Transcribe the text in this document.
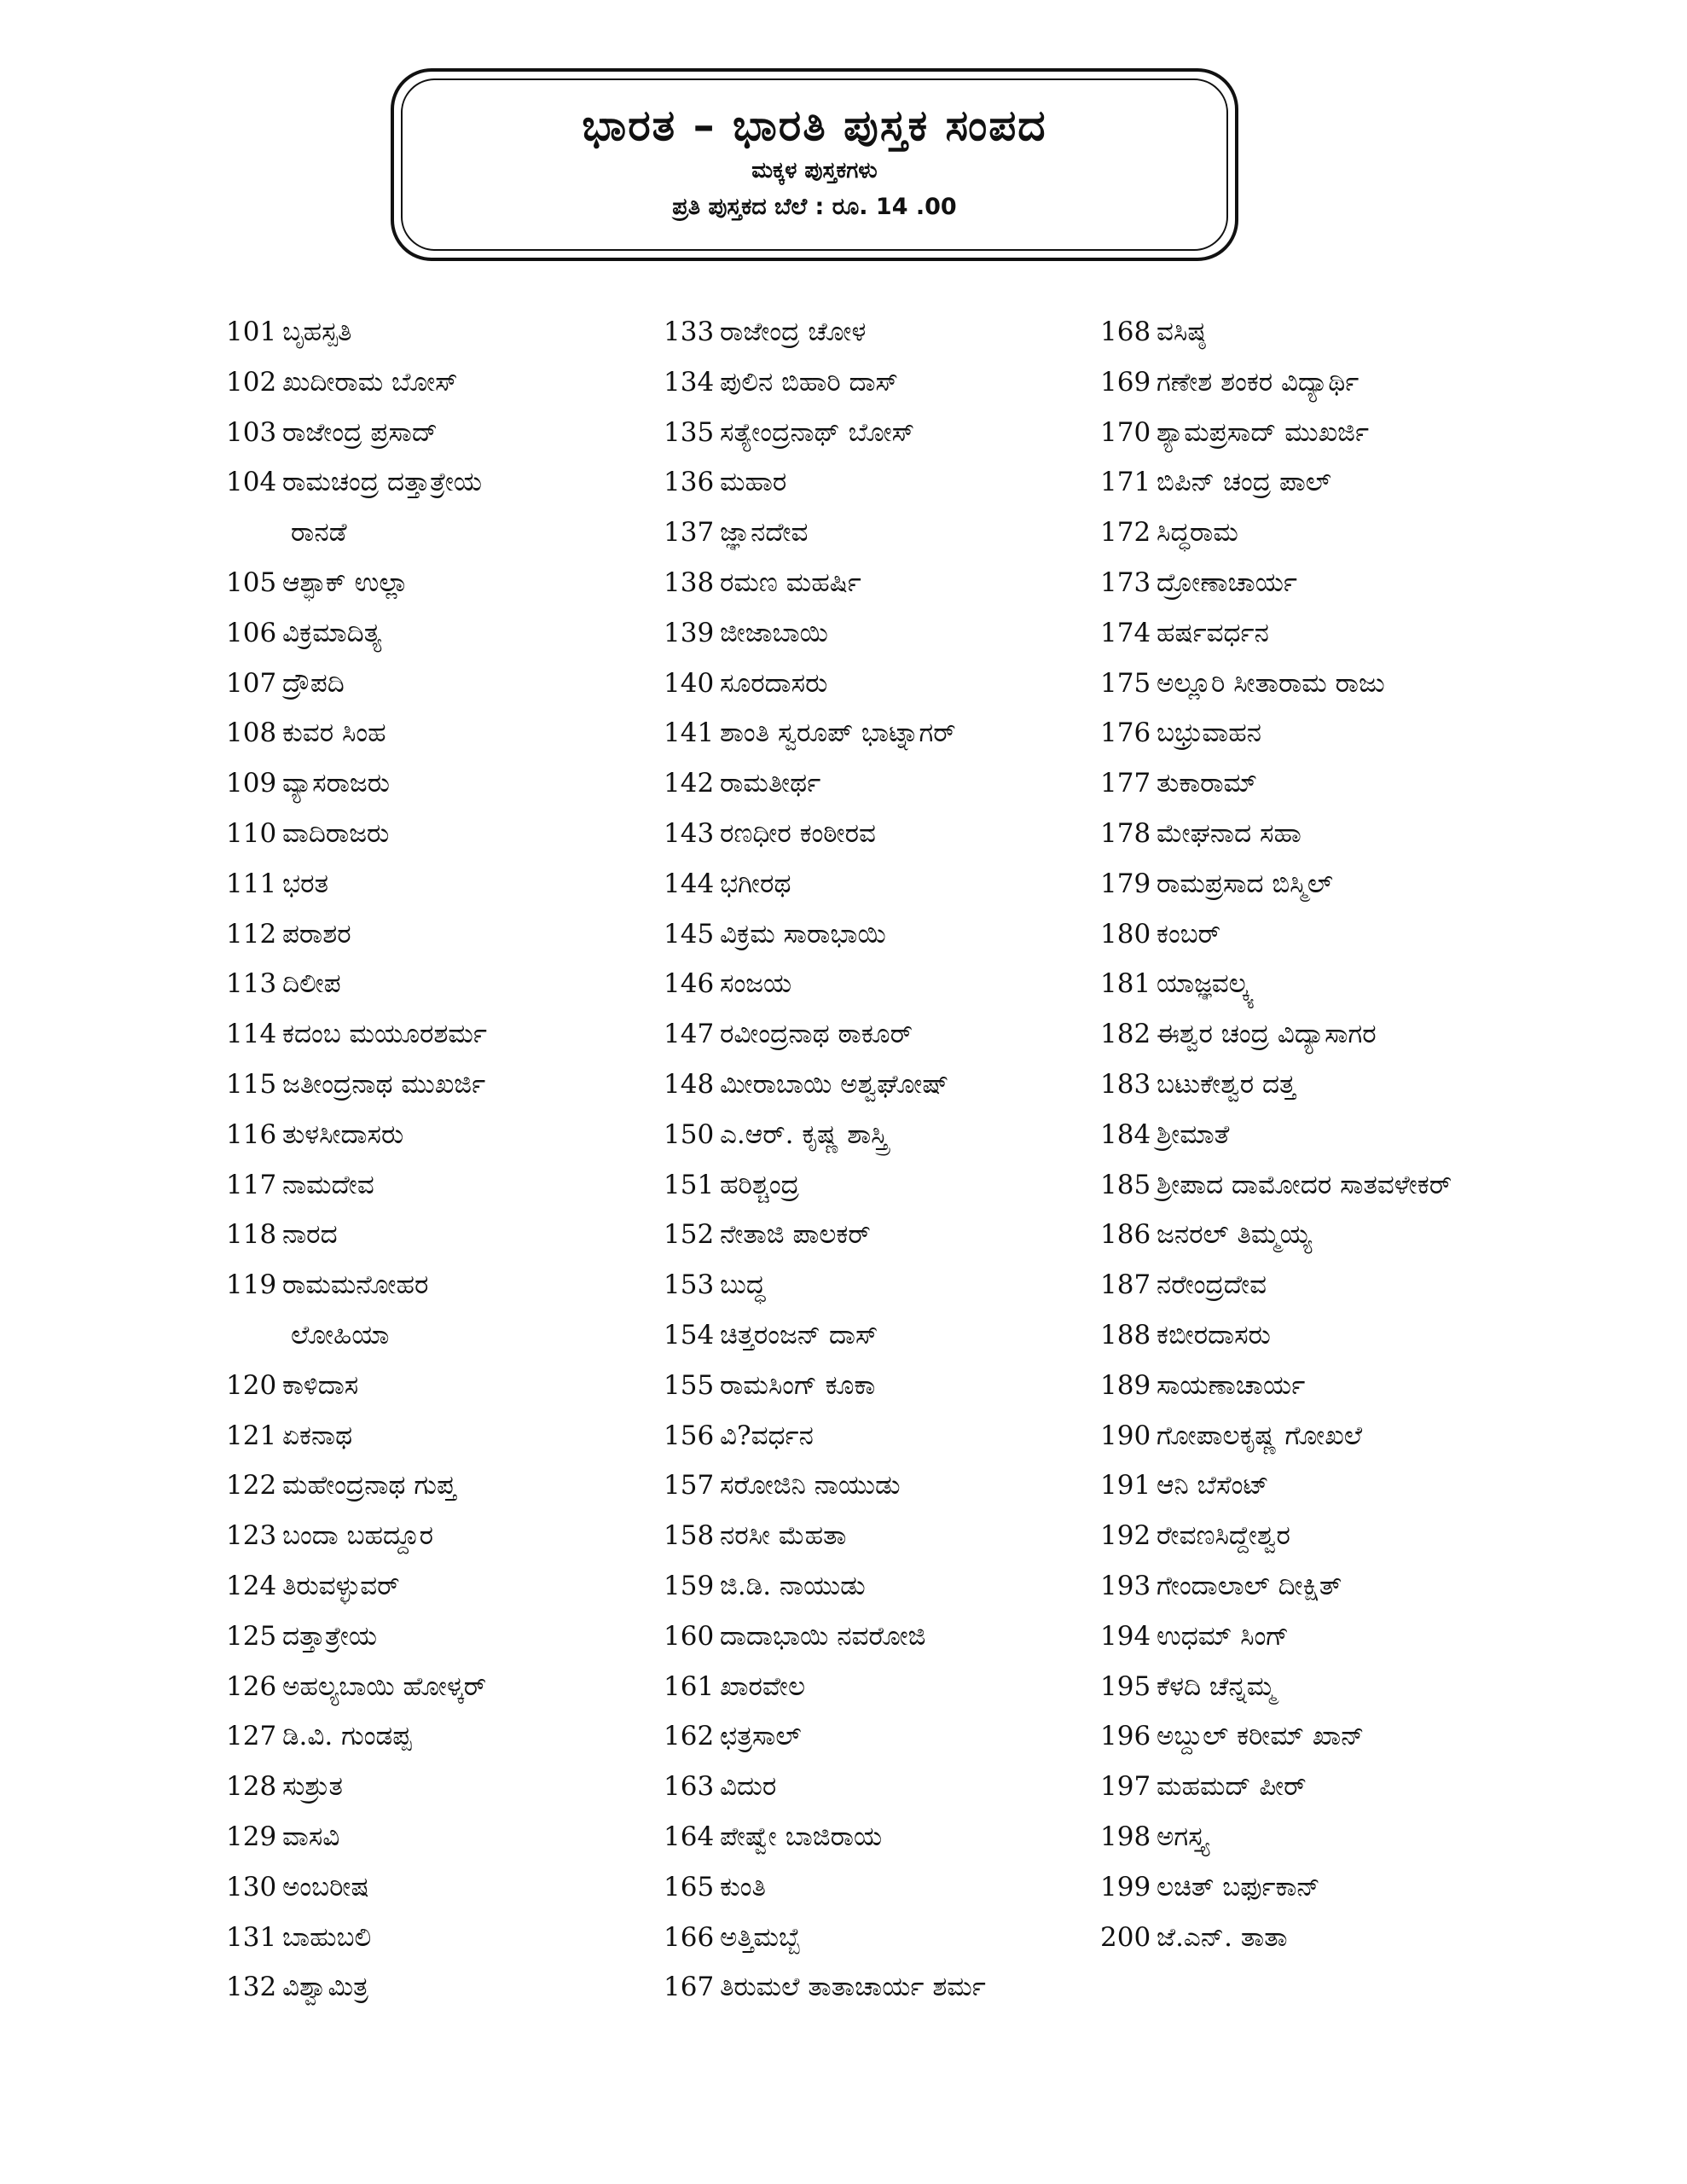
ಭಾರತ – ಭಾರತಿ ಪುಸ್ತಕ ಸಂಪದ
ಮಕ್ಕಳ ಪುಸ್ತಕಗಳು
ಪ್ರತಿ ಪುಸ್ತಕದ ಬೆಲೆ : ರೂ. 14 .00
101 ಬೃಹಸ್ಪತಿ
102 ಖುದೀರಾಮ ಬೋಸ್
103 ರಾಜೇಂದ್ರ ಪ್ರಸಾದ್
104 ರಾಮಚಂದ್ರ ದತ್ತಾತ್ರೇಯ
ರಾನಡೆ
105 ಆಶ್ಫಾಕ್ ಉಲ್ಲಾ
106 ವಿಕ್ರಮಾದಿತ್ಯ
107 ದ್ರೌಪದಿ
108 ಕುವರ ಸಿಂಹ
109 ವ್ಯಾಸರಾಜರು
110 ವಾದಿರಾಜರು
111 ಭರತ
112 ಪರಾಶರ
113 ದಿಲೀಪ
114 ಕದಂಬ ಮಯೂರಶರ್ಮ
115 ಜತೀಂದ್ರನಾಥ ಮುಖರ್ಜಿ
116 ತುಳಸೀದಾಸರು
117 ನಾಮದೇವ
118 ನಾರದ
119 ರಾಮಮನೋಹರ
ಲೋಹಿಯಾ
120 ಕಾಳಿದಾಸ
121 ಏಕನಾಥ
122 ಮಹೇಂದ್ರನಾಥ ಗುಪ್ತ
123 ಬಂದಾ ಬಹದ್ದೂರ
124 ತಿರುವಳ್ಳುವರ್
125 ದತ್ತಾತ್ರೇಯ
126 ಅಹಲ್ಯಬಾಯಿ ಹೋಳ್ಕರ್
127 ಡಿ.ವಿ. ಗುಂಡಪ್ಪ
128 ಸುಶ್ರುತ
129 ವಾಸವಿ
130 ಅಂಬರೀಷ
131 ಬಾಹುಬಲಿ
132 ವಿಶ್ವಾಮಿತ್ರ
133 ರಾಜೇಂದ್ರ ಚೋಳ
134 ಪುಲಿನ ಬಿಹಾರಿ ದಾಸ್
135 ಸತ್ಯೇಂದ್ರನಾಥ್ ಬೋಸ್
136 ಮಹಾರ
137 ಜ್ಞಾನದೇವ
138 ರಮಣ ಮಹರ್ಷಿ
139 ಜೀಜಾಬಾಯಿ
140 ಸೂರದಾಸರು
141 ಶಾಂತಿ ಸ್ವರೂಪ್ ಭಾಟ್ನಾಗರ್
142 ರಾಮತೀರ್ಥ
143 ರಣಧೀರ ಕಂಠೀರವ
144 ಭಗೀರಥ
145 ವಿಕ್ರಮ ಸಾರಾಭಾಯಿ
146 ಸಂಜಯ
147 ರವೀಂದ್ರನಾಥ ಠಾಕೂರ್
148 ಮೀರಾಬಾಯಿ ಅಶ್ವಘೋಷ್
150 ಎ.ಆರ್. ಕೃಷ್ಣ ಶಾಸ್ತ್ರಿ
151 ಹರಿಶ್ಚಂದ್ರ
152 ನೇತಾಜಿ ಪಾಲಕರ್
153 ಬುದ್ಧ
154 ಚಿತ್ತರಂಜನ್ ದಾಸ್
155 ರಾಮಸಿಂಗ್ ಕೂಕಾ
156 ವಿ?ವರ್ಧನ
157 ಸರೋಜಿನಿ ನಾಯುಡು
158 ನರಸೀ ಮೆಹತಾ
159 ಜಿ.ಡಿ. ನಾಯುಡು
160 ದಾದಾಭಾಯಿ ನವರೋಜಿ
161 ಖಾರವೇಲ
162 ಛತ್ರಸಾಲ್
163 ವಿದುರ
164 ಪೇಷ್ವೇ ಬಾಜಿರಾಯ
165 ಕುಂತಿ
166 ಅತ್ತಿಮಬ್ಬೆ
167 ತಿರುಮಲೆ ತಾತಾಚಾರ್ಯ ಶರ್ಮ
168 ವಸಿಷ್ಠ
169 ಗಣೇಶ ಶಂಕರ ವಿದ್ಯಾರ್ಥಿ
170 ಶ್ಯಾಮಪ್ರಸಾದ್ ಮುಖರ್ಜಿ
171 ಬಿಪಿನ್ ಚಂದ್ರ ಪಾಲ್
172 ಸಿದ್ಧರಾಮ
173 ದ್ರೋಣಾಚಾರ್ಯ
174 ಹರ್ಷವರ್ಧನ
175 ಅಲ್ಲೂರಿ ಸೀತಾರಾಮ ರಾಜು
176 ಬಭ್ರುವಾಹನ
177 ತುಕಾರಾಮ್
178 ಮೇಘನಾದ ಸಹಾ
179 ರಾಮಪ್ರಸಾದ ಬಿಸ್ಮಿಲ್
180 ಕಂಬರ್
181 ಯಾಜ್ಞವಲ್ಕ್ಯ
182 ಈಶ್ವರ ಚಂದ್ರ ವಿದ್ಯಾಸಾಗರ
183 ಬಟುಕೇಶ್ವರ ದತ್ತ
184 ಶ್ರೀಮಾತೆ
185 ಶ್ರೀಪಾದ ದಾಮೋದರ ಸಾತವಳೇಕರ್
186 ಜನರಲ್ ತಿಮ್ಮಯ್ಯ
187 ನರೇಂದ್ರದೇವ
188 ಕಬೀರದಾಸರು
189 ಸಾಯಣಾಚಾರ್ಯ
190 ಗೋಪಾಲಕೃಷ್ಣ ಗೋಖಲೆ
191 ಆನಿ ಬೆಸೆಂಟ್
192 ರೇವಣಸಿದ್ದೇಶ್ವರ
193 ಗೇಂದಾಲಾಲ್ ದೀಕ್ಷಿತ್
194 ಉಧಮ್ ಸಿಂಗ್
195 ಕೆಳದಿ ಚೆನ್ನಮ್ಮ
196 ಅಬ್ದುಲ್ ಕರೀಮ್ ಖಾನ್
197 ಮಹಮದ್ ಪೀರ್
198 ಅಗಸ್ತ್ಯ
199 ಲಚಿತ್ ಬರ್ಫುಕಾನ್
200 ಜೆ.ಎನ್. ತಾತಾ
